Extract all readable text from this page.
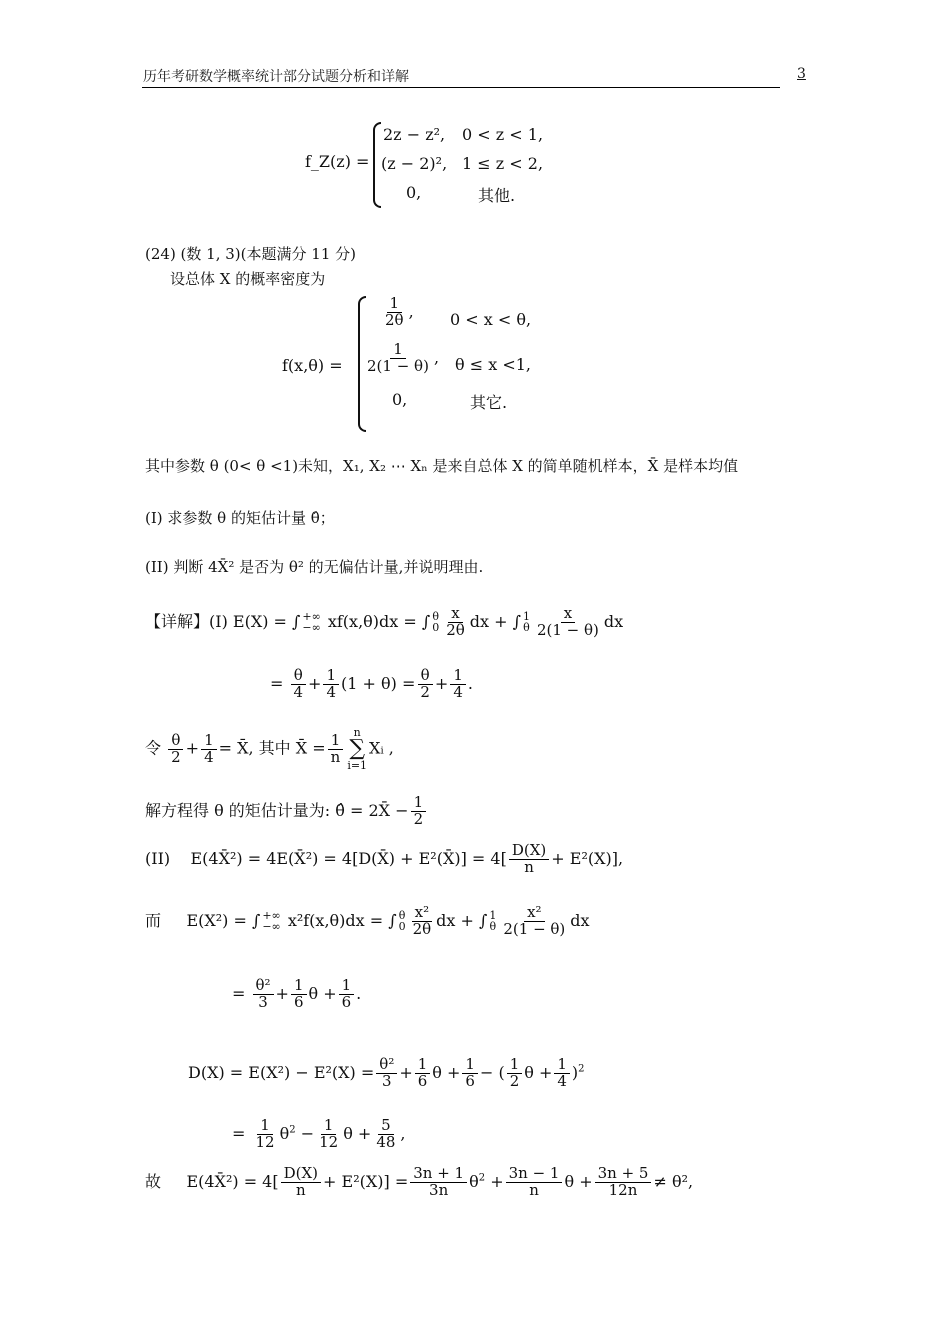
历年考研数学概率统计部分试题分析和详解	3
f_Z(z) =
2z − z², 0 < z < 1,
(z − 2)², 1 ≤ z < 2,
0,	其他.
(24) (数 1, 3)(本题满分 11 分)
设总体 X 的概率密度为
f(x,θ) =
$\frac{1}{2\theta}$ , 0 < x < θ,
$\frac{1}{2(1 - \theta)}$ , θ ≤ x <1,
0,	其它.
其中参数 θ (0< θ <1)未知，X₁, X₂ ⋯ Xₙ 是来自总体 X 的简单随机样本，X̄ 是样本均值
(I) 求参数 θ 的矩估计量 θ̂；
(II) 判断 4X̄² 是否为 θ² 的无偏估计量,并说明理由.
【详解】(I) E(X) = ∫ +∞
−∞ xf(x,θ)dx = ∫ θ
$0 \frac{x}{2\theta}$ dx + ∫ 1
θ $\frac{x}{2(1 - \theta)}$ dx
= $\frac{\theta}{4} + \frac{1}{4} (1 + \theta) = \frac{\theta}{2} + \frac{1}{4}$ .
令 $\frac{\theta}{2} + \frac{1}{4}$ = X̄, 其中 X̄ = $\frac{1}{n}$
n
∑
i=1
Xᵢ ,
解方程得 θ 的矩估计量为: θ̂ = 2X̄ − $\frac{1}{2}$
(II) E(4X̄²) = 4E(X̄²) = 4[D(X̄) + E²(X̄)] = $4[ \frac{D(X)}{n} + E^2(X)]$,
而 E(X²) = ∫ +∞
−∞ x²f(x,θ)dx = ∫ θ
$0 \frac{\text{x²}}{2\theta}$ dx + ∫ 1
θ $\frac{\text{x²}}{2(1 - \theta)}$ dx
= $\frac{\text{θ²}}{3} + \frac{1}{6}$ $\theta + \frac{1}{6}$ .
$D(X) = E(X^2) - E^2(X) = \frac{\text{θ²}}{3} + \frac{1}{6}$ $\theta + \frac{1}{6}$ − ( $\frac{1}{2}$ $\theta + \frac{1}{4} )^2$
= $\frac{1}{12} \theta^2 - \frac{1}{12}$ $\theta + \frac{5}{48}$ ,
故 E(4X̄²) = $4[ \frac{D(X)}{n} + E^2(X)] = \frac{3n + 1}{3n} \theta^2 + \frac{3n - 1}{n}$ $\theta + \frac{3n + 5}{12n} \ne \theta^2$,
